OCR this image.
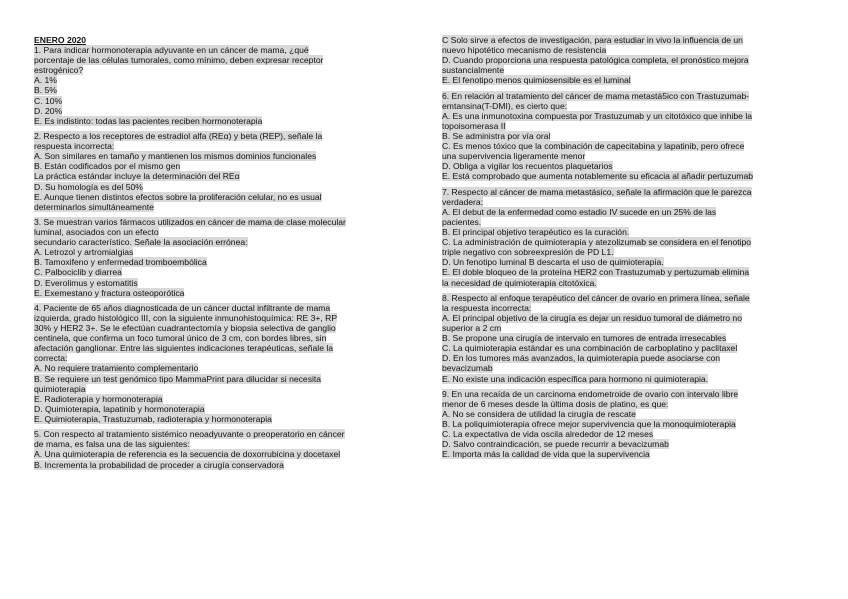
ENERO 2020
1. Para indicar hormonoterapia adyuvante en un cáncer de mama, ¿qué
porcentaje de las células tumorales, como mínimo, deben expresar receptor
estrogénico?
A. 1%
B. 5%
C. 10%
D. 20%
E. Es indistinto: todas las pacientes reciben hormonoterapia
2. Respecto a los receptores de estradiol alfa (REα) y beta (REP), señale la
respuesta incorrecta:
A. Son similares en tamaño y mantienen los mismos dominios funcionales
B. Están codificados por el mismo gen
La práctica estándar incluye la determinación del REα
D. Su homología es del 50%
E. Aunque tienen distintos efectos sobre la proliferación celular, no es usual
determinarlos simultáneamente
3. Se muestran varios fármacos utilizados en cáncer de mama de clase molecular
luminal, asociados con un efecto
secundario característico. Señale la asociación errónea:
A. Letrozol y artromialgias
B. Tamoxifeno y enfermedad tromboembólica
C. Palbociclib y diarrea
D. Everolimus y estomatitis
E. Exemestano y fractura osteoporótica
4. Paciente de 65 años diagnosticada de un cáncer ductal infiltrante de mama
izquierda, grado histológico III, con la siguiente inmunohistoquímica: RE 3+, RP
30% y HER2 3+. Se le efectúan cuadrantectomía y biopsia selectiva de ganglio
centinela, que confirma un foco tumoral único de 3 cm, con bordes libres, sin
afectación ganglionar. Entre las siguientes indicaciones terapéuticas, señale la
correcta:
A. No requiere tratamiento complementario
B. Se requiere un test genómico tipo MammaPrint para dilucidar si necesita
quimioterapia
E. Radioterapia y hormonoterapia
D. Quimioterapia, lapatinib y hormonoterapia
E. Quimioterapia, Trastuzumab, radioterapia y hormonoterapia
5. Con respecto al tratamiento sistémico neoadyuvante o preoperatorio en cáncer
de mama, es falsa una de las siguientes:
A. Una quimioterapia de referencia es la secuencia de doxorrubicina y docetaxel
B. Incrementa la probabilidad de proceder a cirugía conservadora
C Solo sirve a efectos de investigación, para estudiar in vivo la influencia de un
nuevo hipotético mecanismo de resistencia
D. Cuando proporciona una respuesta patológica completa, el pronóstico mejora
sustancialmente
E. El fenotipo menos quimiosensible es el luminal
6. En relación al tratamiento del cáncer de mama metastá5ico con Trastuzumab-
emtansina(T-DMI), es cierto que:
A. Es una inmunotoxina compuesta por Trastuzumab y un citotóxico que inhibe la
topoisomerasa II
B. Se administra por vía oral
C. Es menos tóxico que la combinación de capecitabina y lapatinib, pero ofrece
una supervivencia ligeramente menor
D. Obliga a vigilar los recuentos plaquetarios
E. Está comprobado que aumenta notablemente su eficacia al añadir pertuzumab
7. Respecto al cáncer de mama metastásico, señale la afirmación que le parezca
verdadera:
A. El debut de la enfermedad como estadio IV sucede en un 25% de las
pacientes.
B. El principal objetivo terapéutico es la curación.
C. La administración de quimioterapia y atezolizumab se considera en el fenotipo
triple negativo con sobreexpresión de PD L1.
D. Un fenotipo luminal B descarta el uso de quimioterapia.
E. El doble bloqueo de la proteína HER2 con Trastuzumab y pertuzumab elimina
la necesidad de quimioterapia citotóxica.
8. Respecto al enfoque terapéutico del cáncer de ovario en primera línea, señale
la respuesta incorrecta:
A. El principal objetivo de la cirugía es dejar un residuo tumoral de diámetro no
superior a 2 cm
B. Se propone una cirugía de intervalo en tumores de entrada irresecables
C. La quimioterapia estándar es una combinación de carboplatino y paclitaxel
D. En los tumores más avanzados, la quimioterapia puede asociarse con
bevacizumab
E. No existe una indicación específica para hormono ni quimioterapia.
9. En una recaída de un carcinoma endometroide de ovario con intervalo libre
menor de 6 meses desde la última dosis de platino, es que:
A. No se considera de utilidad la cirugía de rescate
B. La poliquimioterapia ofrece mejor supervivencia que la monoquimioterapia
C. La expectativa de vida oscila alrededor de 12 meses
D. Salvo contraindicación, se puede recurrir a bevacizumab
E. Importa más la calidad de vida que la supervivencia
